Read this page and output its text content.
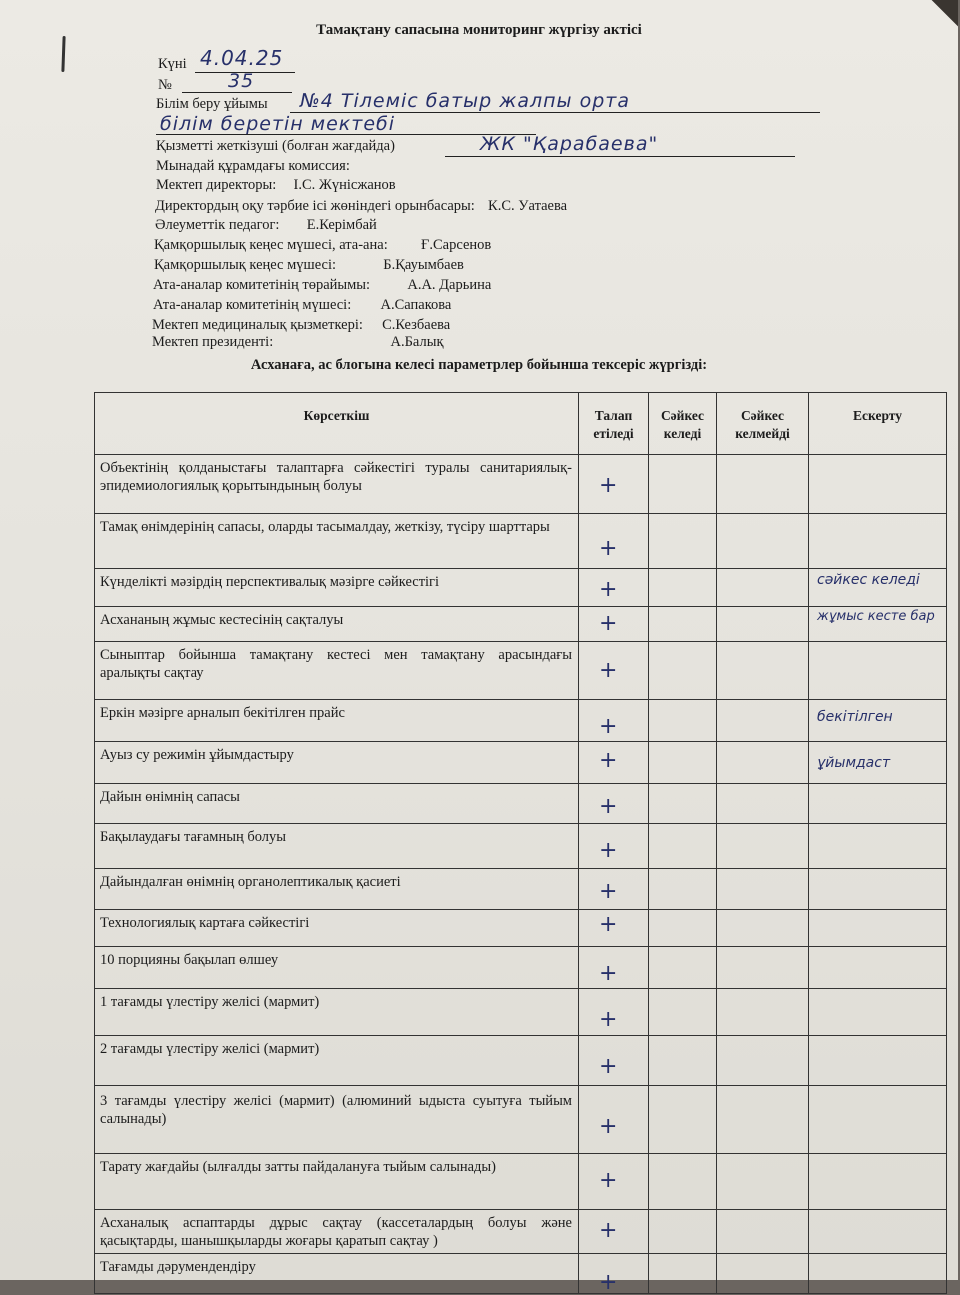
Тамақтану сапасына мониторинг жүргізу актісі
Күні 4.04.25
№	35
Білім беру ұйымы №4 Тілеміс батыр жалпы орта
білім беретін мектебі
Қызметті жеткізуші (болған жағдайда)	ЖК "Қарабаева"
Мынадай құрамдағы комиссия:
Мектеп директоры: І.С. Жүнісжанов
Директордың оқу тәрбие ісі жөніндегі орынбасары: К.С. Уатаева
Әлеуметтік педагог: Е.Керімбай
Қамқоршылық кеңес мүшесі, ата-ана: Ғ.Сарсенов
Қамқоршылық кеңес мүшесі:	Б.Қауымбаев
Ата-аналар комитетінің төрайымы:	А.А. Дарьина
Ата-аналар комитетінің мүшесі: А.Сапакова
Мектеп медициналық қызметкері: С.Кезбаева
Мектеп президенті:	А.Балық
Асханаға, ас блогына келесі параметрлер бойынша тексеріс жүргізді:
Көрсеткіш	Талап етіледі	Сәйкес келеді	Сәйкес келмейді	Ескерту
Объектінің қолданыстағы талаптарға сәйкестігі туралы санитариялық-эпидемиологиялық қорытындының болуы	+			

Тамақ өнімдерінің сапасы, оларды тасымалдау, жеткізу, түсіру шарттары	+			

Күнделікті мәзірдің перспективалық мәзірге сәйкестігі	+			сәйкес келеді

Асхананың жұмыс кестесінің сақталуы	+			жұмыс кесте бар

Сыныптар бойынша тамақтану кестесі мен тамақтану арасындағы аралықты сақтау	+			

Еркін мәзірге арналып бекітілген прайс	+			бекітілген

Ауыз су режимін ұйымдастыру	+			ұйымдаст

Дайын өнімнің сапасы	+			

Бақылаудағы тағамның болуы	+			

Дайындалған өнімнің органолептикалық қасиеті	+			

Технологиялық картаға сәйкестігі	+			

10 порцияны бақылап өлшеу	+			

1 тағамды үлестіру желісі (мармит)	+			

2 тағамды үлестіру желісі (мармит)	+			

3 тағамды үлестіру желісі (мармит) (алюминий ыдыста суытуға тыйым салынады)	+			

Тарату жағдайы (ылғалды затты пайдалануға тыйым салынады)	+			

Асханалық аспаптарды дұрыс сақтау (кассеталардың болуы және қасықтарды, шанышқыларды жоғары қаратып сақтау )	+			

Тағамды дәрумендендіру	+			
